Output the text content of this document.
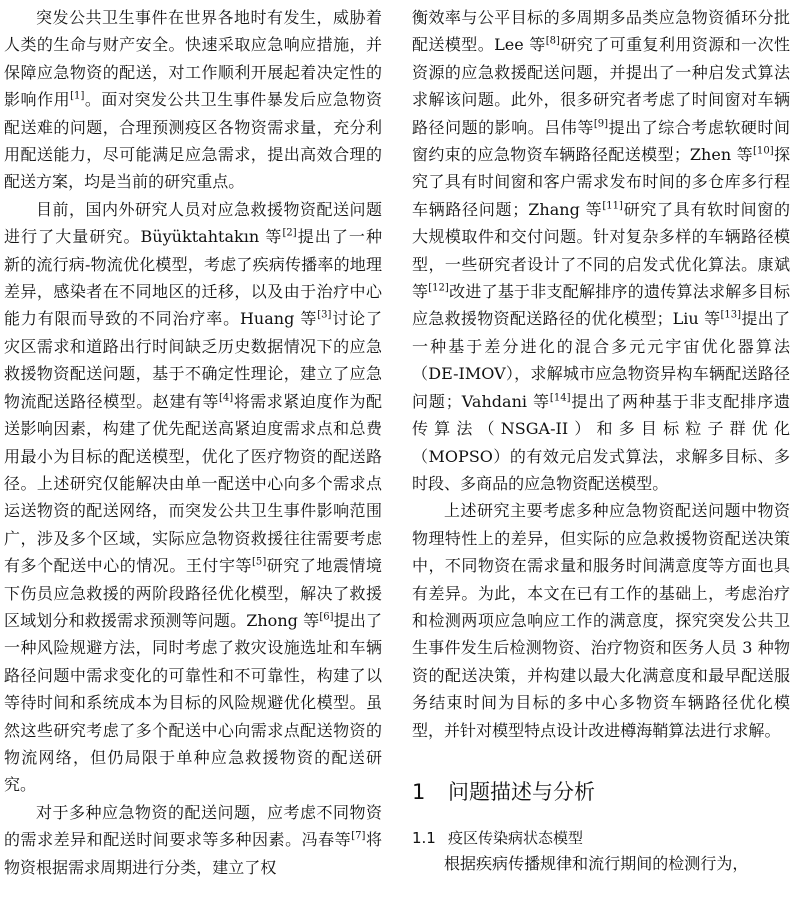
突发公共卫生事件在世界各地时有发生，威胁着人类的生命与财产安全。快速采取应急响应措施，并保障应急物资的配送，对工作顺利开展起着决定性的影响作用[1]。面对突发公共卫生事件暴发后应急物资配送难的问题，合理预测疫区各物资需求量，充分利用配送能力，尽可能满足应急需求，提出高效合理的配送方案，均是当前的研究重点。

目前，国内外研究人员对应急救援物资配送问题进行了大量研究。Büyüktahtakın 等[2]提出了一种新的流行病-物流优化模型，考虑了疾病传播率的地理差异，感染者在不同地区的迁移，以及由于治疗中心能力有限而导致的不同治疗率。Huang 等[3]讨论了灾区需求和道路出行时间缺乏历史数据情况下的应急救援物资配送问题，基于不确定性理论，建立了应急物流配送路径模型。赵建有等[4]将需求紧迫度作为配送影响因素，构建了优先配送高紧迫度需求点和总费用最小为目标的配送模型，优化了医疗物资的配送路径。上述研究仅能解决由单一配送中心向多个需求点运送物资的配送网络，而突发公共卫生事件影响范围广，涉及多个区域，实际应急物资救援往往需要考虑有多个配送中心的情况。王付宇等[5]研究了地震情境下伤员应急救援的两阶段路径优化模型，解决了救援区域划分和救援需求预测等问题。Zhong 等[6]提出了一种风险规避方法，同时考虑了救灾设施选址和车辆路径问题中需求变化的可靠性和不可靠性，构建了以等待时间和系统成本为目标的风险规避优化模型。虽然这些研究考虑了多个配送中心向需求点配送物资的物流网络，但仍局限于单种应急救援物资的配送研究。

对于多种应急物资的配送问题，应考虑不同物资的需求差异和配送时间要求等多种因素。冯春等[7]将物资根据需求周期进行分类，建立了权

衡效率与公平目标的多周期多品类应急物资循环分批配送模型。Lee 等[8]研究了可重复利用资源和一次性资源的应急救援配送问题，并提出了一种启发式算法求解该问题。此外，很多研究者考虑了时间窗对车辆路径问题的影响。吕伟等[9]提出了综合考虑软硬时间窗约束的应急物资车辆路径配送模型；Zhen 等[10]探究了具有时间窗和客户需求发布时间的多仓库多行程车辆路径问题；Zhang 等[11]研究了具有软时间窗的大规模取件和交付问题。针对复杂多样的车辆路径模型，一些研究者设计了不同的启发式优化算法。康斌等[12]改进了基于非支配解排序的遗传算法求解多目标应急救援物资配送路径的优化模型；Liu 等[13]提出了一种基于差分进化的混合多元元宇宙优化器算法（DE-IMOV），求解城市应急物资异构车辆配送路径问题；Vahdani 等[14]提出了两种基于非支配排序遗传算法（NSGA-II）和多目标粒子群优化（MOPSO）的有效元启发式算法，求解多目标、多时段、多商品的应急物资配送模型。

上述研究主要考虑多种应急物资配送问题中物资物理特性上的差异，但实际的应急救援物资配送决策中，不同物资在需求量和服务时间满意度等方面也具有差异。为此，本文在已有工作的基础上，考虑治疗和检测两项应急响应工作的满意度，探究突发公共卫生事件发生后检测物资、治疗物资和医务人员 3 种物资的配送决策，并构建以最大化满意度和最早配送服务结束时间为目标的多中心多物资车辆路径优化模型，并针对模型特点设计改进樽海鞘算法进行求解。

1 问题描述与分析
1.1 疫区传染病状态模型

根据疾病传播规律和流行期间的检测行为，
